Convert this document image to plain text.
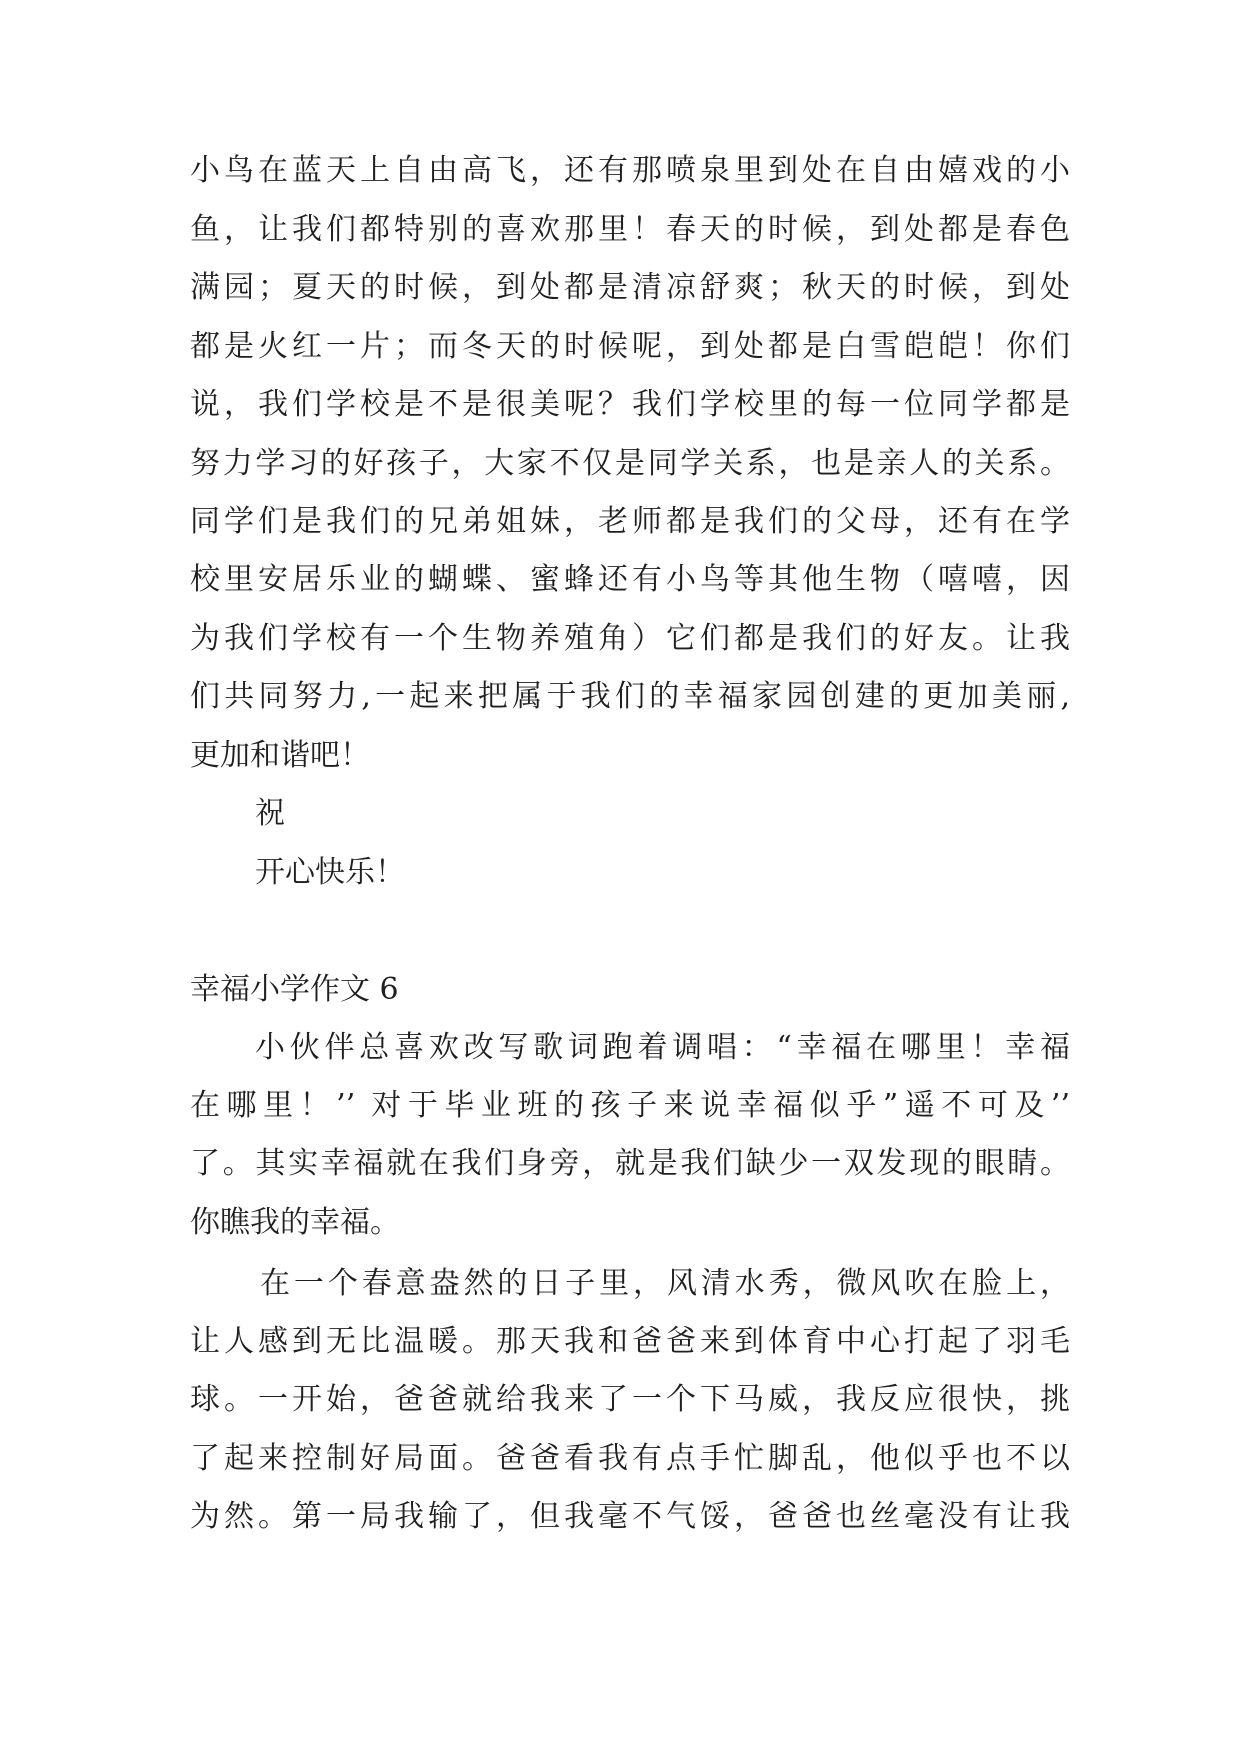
小鸟在蓝天上自由高飞，还有那喷泉里到处在自由嬉戏的小
鱼，让我们都特别的喜欢那里！春天的时候，到处都是春色
满园；夏天的时候，到处都是清凉舒爽；秋天的时候，到处
都是火红一片；而冬天的时候呢，到处都是白雪皑皑！你们
说，我们学校是不是很美呢？我们学校里的每一位同学都是
努力学习的好孩子，大家不仅是同学关系，也是亲人的关系。
同学们是我们的兄弟姐妹，老师都是我们的父母，还有在学
校里安居乐业的蝴蝶、蜜蜂还有小鸟等其他生物（嘻嘻，因
为我们学校有一个生物养殖角）它们都是我们的好友。让我
们共同努力,一起来把属于我们的幸福家园创建的更加美丽,
更加和谐吧！
祝
开心快乐！
幸福小学作文 6
小伙伴总喜欢改写歌词跑着调唱：“幸福在哪里！幸福
在哪里！’’ 对于毕业班的孩子来说幸福似乎”遥不可及’’
了。其实幸福就在我们身旁，就是我们缺少一双发现的眼睛。
你瞧我的幸福。
在一个春意盎然的日子里，风清水秀，微风吹在脸上，
让人感到无比温暖。那天我和爸爸来到体育中心打起了羽毛
球。一开始，爸爸就给我来了一个下马威，我反应很快，挑
了起来控制好局面。爸爸看我有点手忙脚乱，他似乎也不以
为然。第一局我输了，但我毫不气馁，爸爸也丝毫没有让我
